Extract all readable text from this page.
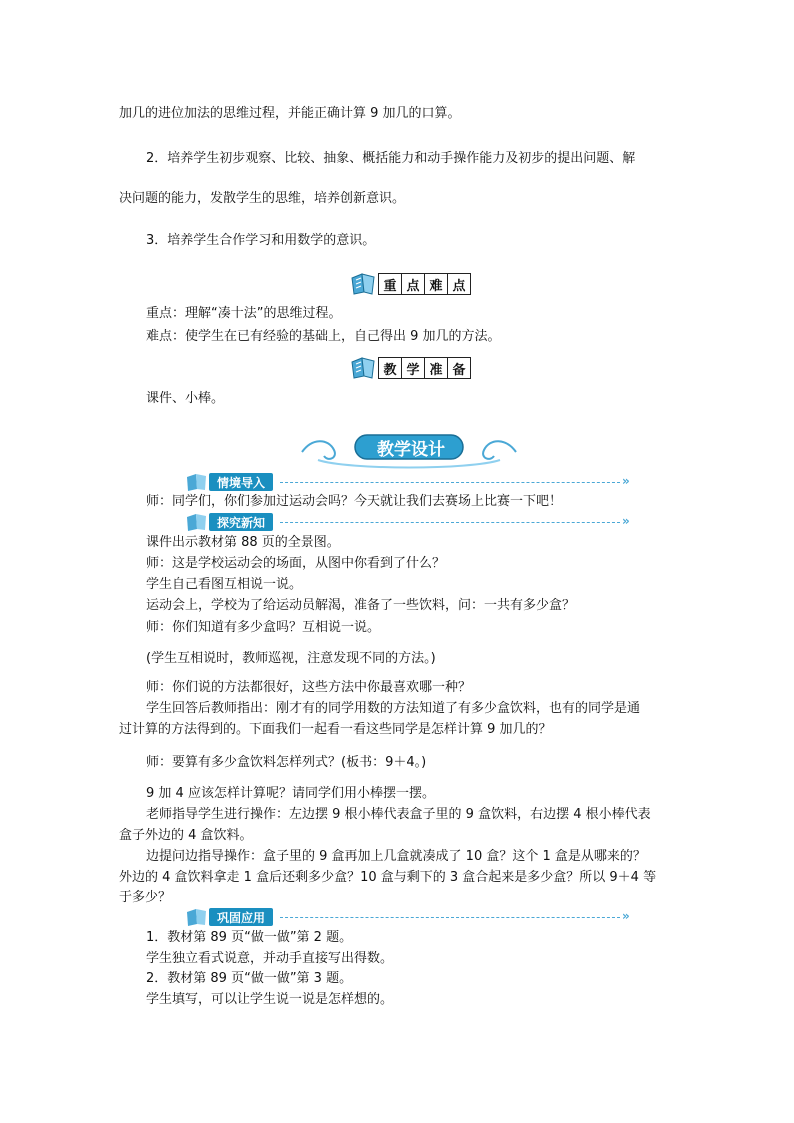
加几的进位加法的思维过程，并能正确计算 9 加几的口算。
2．培养学生初步观察、比较、抽象、概括能力和动手操作能力及初步的提出问题、解
决问题的能力，发散学生的思维，培养创新意识。
3．培养学生合作学习和用数学的意识。
重 点 难 点
重点：理解“凑十法”的思维过程。
难点：使学生在已有经验的基础上，自己得出 9 加几的方法。
教 学 准 备
课件、小棒。
教学设计
情境导入	»
师：同学们，你们参加过运动会吗？今天就让我们去赛场上比赛一下吧！
探究新知	»
课件出示教材第 88 页的全景图。
师：这是学校运动会的场面，从图中你看到了什么？
学生自己看图互相说一说。
运动会上，学校为了给运动员解渴，准备了一些饮料，问：一共有多少盒？
师：你们知道有多少盒吗？互相说一说。
(学生互相说时，教师巡视，注意发现不同的方法。)
师：你们说的方法都很好，这些方法中你最喜欢哪一种？
学生回答后教师指出：刚才有的同学用数的方法知道了有多少盒饮料，也有的同学是通
过计算的方法得到的。下面我们一起看一看这些同学是怎样计算 9 加几的？
师：要算有多少盒饮料怎样列式？(板书：9＋4。)
9 加 4 应该怎样计算呢？请同学们用小棒摆一摆。
老师指导学生进行操作：左边摆 9 根小棒代表盒子里的 9 盒饮料，右边摆 4 根小棒代表
盒子外边的 4 盒饮料。
边提问边指导操作：盒子里的 9 盒再加上几盒就凑成了 10 盒？这个 1 盒是从哪来的？
外边的 4 盒饮料拿走 1 盒后还剩多少盒？10 盒与剩下的 3 盒合起来是多少盒？所以 9＋4 等
于多少？
巩固应用	»
1．教材第 89 页“做一做”第 2 题。
学生独立看式说意，并动手直接写出得数。
2．教材第 89 页“做一做”第 3 题。
学生填写，可以让学生说一说是怎样想的。
